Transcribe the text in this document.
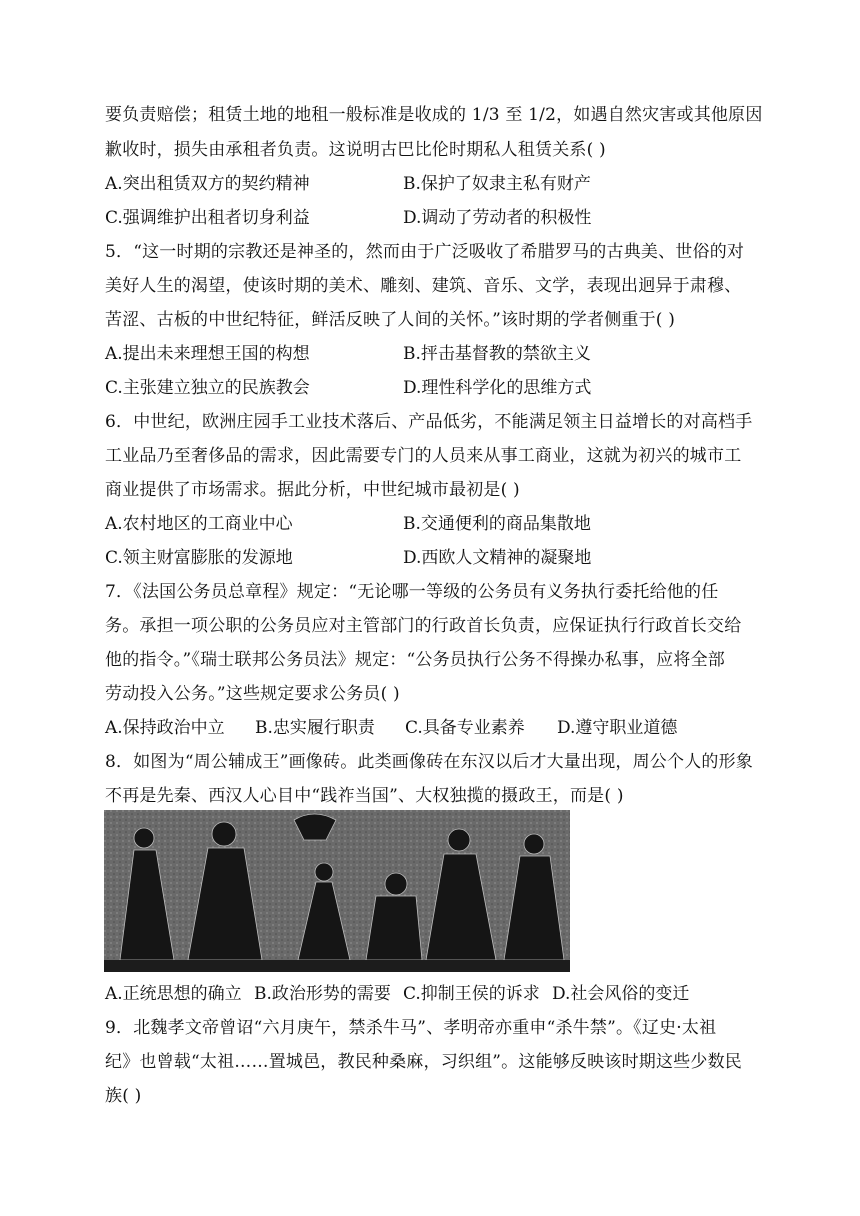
要负责赔偿；租赁土地的地租一般标准是收成的 1/3 至 1/2，如遇自然灾害或其他原因
歉收时，损失由承租者负责。这说明古巴比伦时期私人租赁关系( )
A.突出租赁双方的契约精神	B.保护了奴隶主私有财产
C.强调维护出租者切身利益	D.调动了劳动者的积极性
5．“这一时期的宗教还是神圣的，然而由于广泛吸收了希腊罗马的古典美、世俗的对
美好人生的渴望，使该时期的美术、雕刻、建筑、音乐、文学，表现出迥异于肃穆、
苦涩、古板的中世纪特征，鲜活反映了人间的关怀。”该时期的学者侧重于( )
A.提出未来理想王国的构想	B.抨击基督教的禁欲主义
C.主张建立独立的民族教会	D.理性科学化的思维方式
6．中世纪，欧洲庄园手工业技术落后、产品低劣，不能满足领主日益增长的对高档手
工业品乃至奢侈品的需求，因此需要专门的人员来从事工商业，这就为初兴的城市工
商业提供了市场需求。据此分析，中世纪城市最初是( )
A.农村地区的工商业中心	B.交通便利的商品集散地
C.领主财富膨胀的发源地	D.西欧人文精神的凝聚地
7．《法国公务员总章程》规定：“无论哪一等级的公务员有义务执行委托给他的任
务。承担一项公职的公务员应对主管部门的行政首长负责，应保证执行行政首长交给
他的指令。”《瑞士联邦公务员法》规定：“公务员执行公务不得操办私事，应将全部
劳动投入公务。”这些规定要求公务员( )
A.保持政治中立 B.忠实履行职责 C.具备专业素养 D.遵守职业道德
8．如图为“周公辅成王”画像砖。此类画像砖在东汉以后才大量出现，周公个人的形象
不再是先秦、西汉人心目中“践祚当国”、大权独揽的摄政王，而是( )
A.正统思想的确立 B.政治形势的需要 C.抑制王侯的诉求 D.社会风俗的变迁
9．北魏孝文帝曾诏“六月庚午，禁杀牛马”、孝明帝亦重申“杀牛禁”。《辽史·太祖
纪》也曾载“太祖……置城邑，教民种桑麻，习织组”。这能够反映该时期这些少数民
族( )
